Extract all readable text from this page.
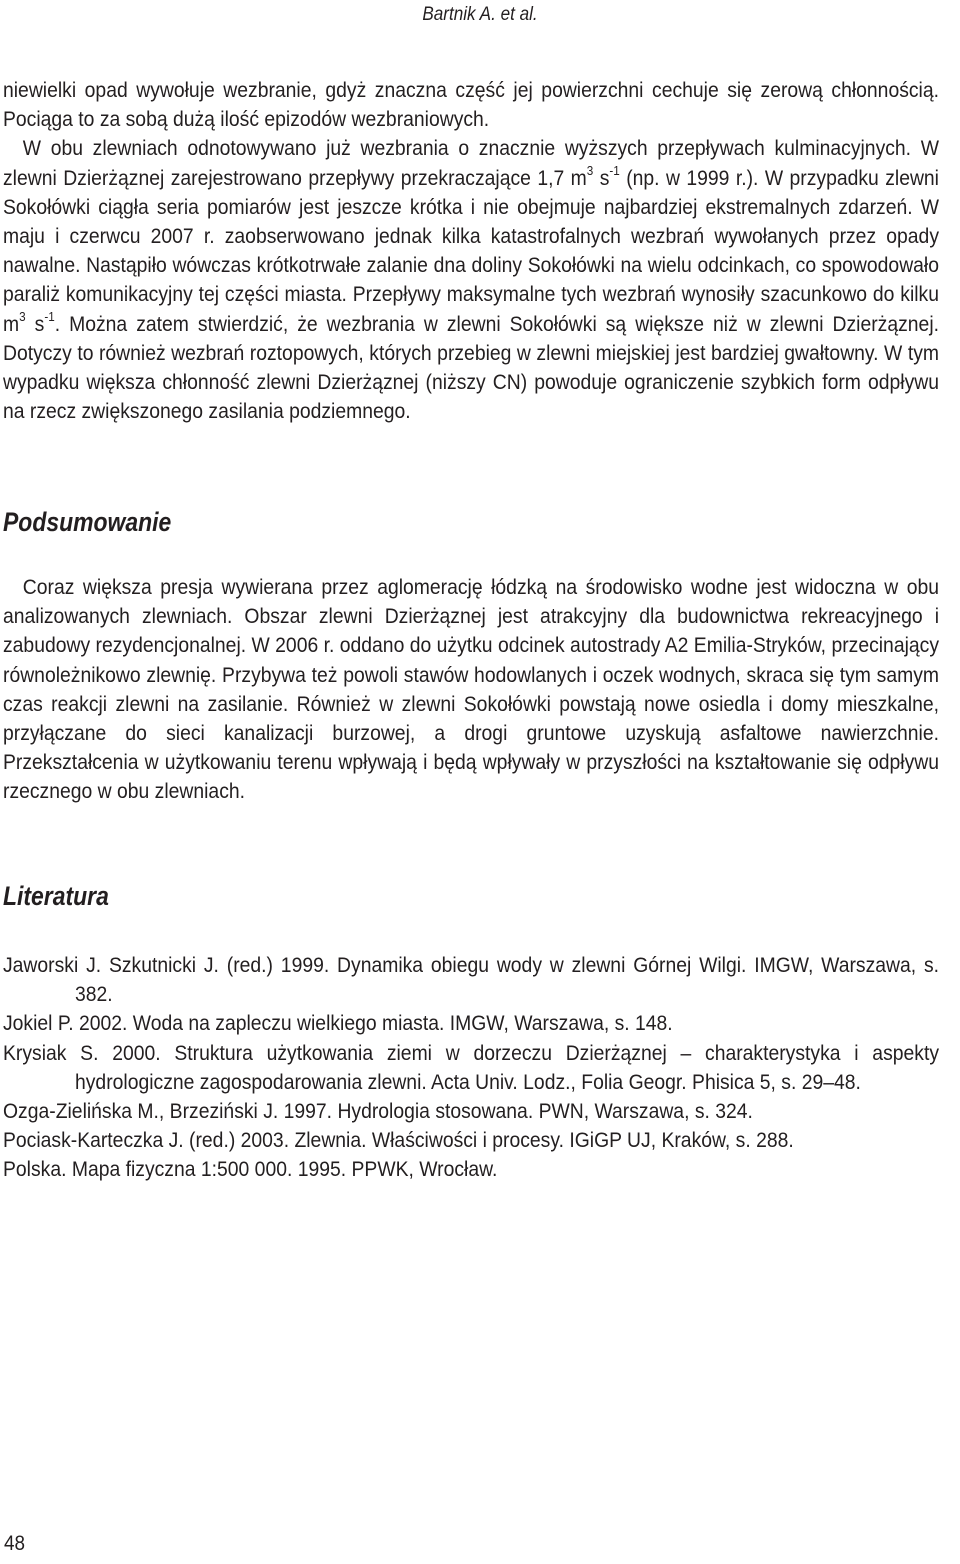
Bartnik A. et al.

niewielki opad wywołuje wezbranie, gdyż znaczna część jej powierzchni cechuje się zerową chłonnością. Pociąga to za sobą dużą ilość epizodów wezbraniowych.

W obu zlewniach odnotowywano już wezbrania o znacznie wyższych przepływach kulminacyjnych. W zlewni Dzierżąznej zarejestrowano przepływy przekraczające 1,7 $m^3$ $s^{-1}$ (np. w 1999 r.). W przypadku zlewni Sokołówki ciągła seria pomiarów jest jeszcze krótka i nie obejmuje najbardziej ekstremalnych zdarzeń. W maju i czerwcu 2007 r. zaobserwowano jednak kilka katastrofalnych wezbrań wywołanych przez opady nawalne. Nastąpiło wówczas krótkotrwałe zalanie dna doliny Sokołówki na wielu odcinkach, co spowodowało paraliż komunikacyjny tej części miasta. Przepływy maksymalne tych wezbrań wynosiły szacunkowo do kilku $m^3$ $s^{-1}$. Można zatem stwierdzić, że wezbrania w zlewni Sokołówki są większe niż w zlewni Dzierżąznej. Dotyczy to również wezbrań roztopowych, których przebieg w zlewni miejskiej jest bardziej gwałtowny. W tym wypadku większa chłonność zlewni Dzierżąznej (niższy CN) powoduje ograniczenie szybkich form odpływu na rzecz zwiększonego zasilania podziemnego.

Podsumowanie

Coraz większa presja wywierana przez aglomerację łódzką na środowisko wodne jest widoczna w obu analizowanych zlewniach. Obszar zlewni Dzierżąznej jest atrakcyjny dla budownictwa rekreacyjnego i zabudowy rezydencjonalnej. W 2006 r. oddano do użytku odcinek autostrady A2 Emilia-Stryków, przecinający równoleżnikowo zlewnię. Przybywa też powoli stawów hodowlanych i oczek wodnych, skraca się tym samym czas reakcji zlewni na zasilanie. Również w zlewni Sokołówki powstają nowe osiedla i domy mieszkalne, przyłączane do sieci kanalizacji burzowej, a drogi gruntowe uzyskują asfaltowe nawierzchnie. Przekształcenia w użytkowaniu terenu wpływają i będą wpływały w przyszłości na kształtowanie się odpływu rzecznego w obu zlewniach.

Literatura

Jaworski J. Szkutnicki J. (red.) 1999. Dynamika obiegu wody w zlewni Górnej Wilgi. IMGW, Warszawa, s. 382.

Jokiel P. 2002. Woda na zapleczu wielkiego miasta. IMGW, Warszawa, s. 148.

Krysiak S. 2000. Struktura użytkowania ziemi w dorzeczu Dzierżąznej – charakterystyka i aspekty hydrologiczne zagospodarowania zlewni. Acta Univ. Lodz., Folia Geogr. Phisica 5, s. 29–48.

Ozga-Zielińska M., Brzeziński J. 1997. Hydrologia stosowana. PWN, Warszawa, s. 324.

Pociask-Karteczka J. (red.) 2003. Zlewnia. Właściwości i procesy. IGiGP UJ, Kraków, s. 288.

Polska. Mapa fizyczna 1:500 000. 1995. PPWK, Wrocław.

48
